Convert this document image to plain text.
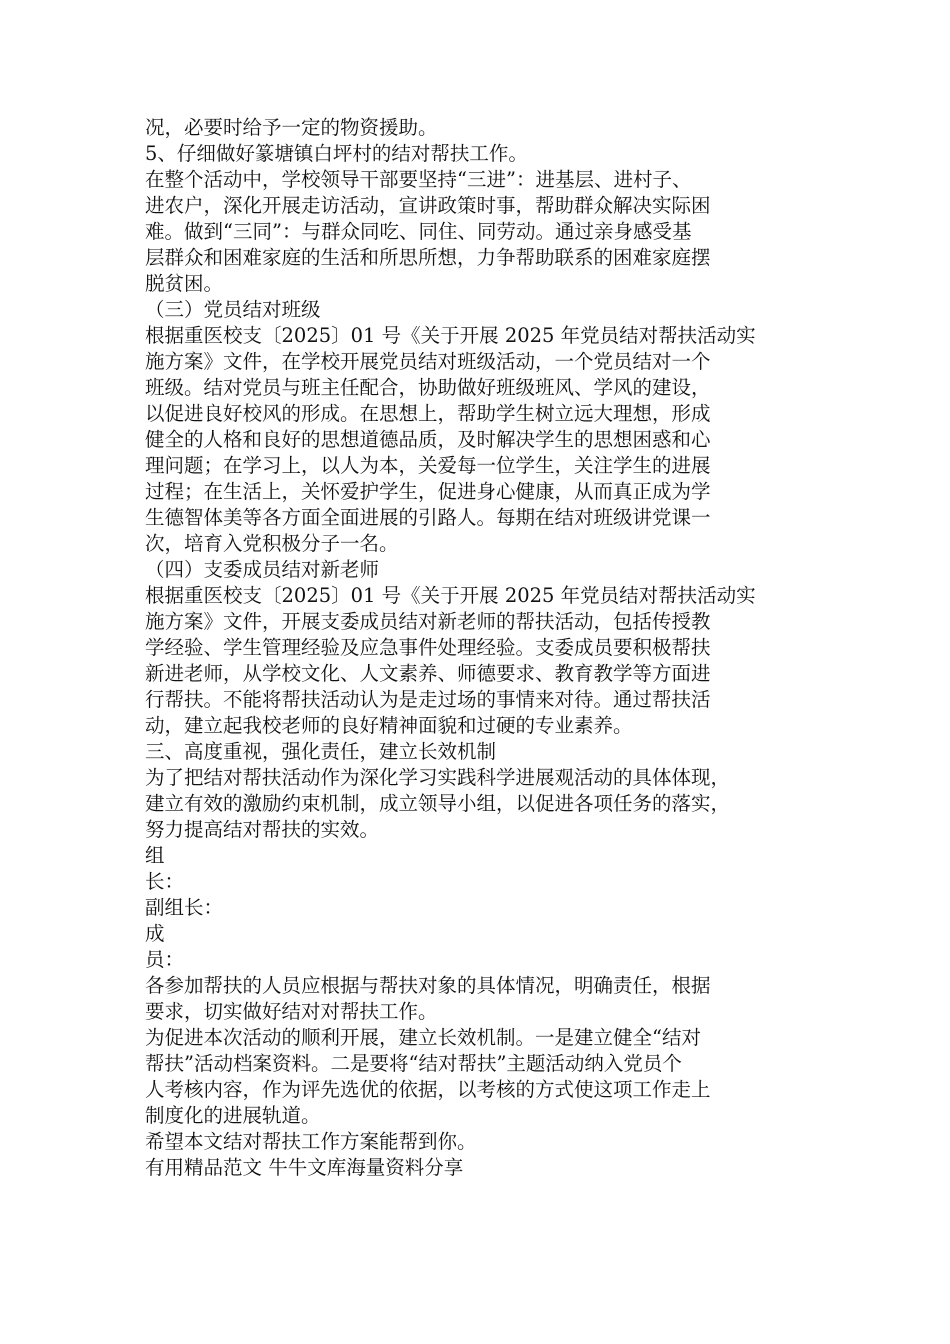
况，必要时给予一定的物资援助。
5、仔细做好篆塘镇白坪村的结对帮扶工作。
在整个活动中，学校领导干部要坚持“三进”：进基层、进村子、
进农户，深化开展走访活动，宣讲政策时事，帮助群众解决实际困
难。做到“三同”：与群众同吃、同住、同劳动。通过亲身感受基
层群众和困难家庭的生活和所思所想，力争帮助联系的困难家庭摆
脱贫困。
（三）党员结对班级
根据重医校支〔2025〕01 号《关于开展 2025 年党员结对帮扶活动实
施方案》文件，在学校开展党员结对班级活动，一个党员结对一个
班级。结对党员与班主任配合，协助做好班级班风、学风的建设，
以促进良好校风的形成。在思想上，帮助学生树立远大理想，形成
健全的人格和良好的思想道德品质，及时解决学生的思想困惑和心
理问题；在学习上，以人为本，关爱每一位学生，关注学生的进展
过程；在生活上，关怀爱护学生，促进身心健康，从而真正成为学
生德智体美等各方面全面进展的引路人。每期在结对班级讲党课一
次，培育入党积极分子一名。
（四）支委成员结对新老师
根据重医校支〔2025〕01 号《关于开展 2025 年党员结对帮扶活动实
施方案》文件，开展支委成员结对新老师的帮扶活动，包括传授教
学经验、学生管理经验及应急事件处理经验。支委成员要积极帮扶
新进老师，从学校文化、人文素养、师德要求、教育教学等方面进
行帮扶。不能将帮扶活动认为是走过场的事情来对待。通过帮扶活
动，建立起我校老师的良好精神面貌和过硬的专业素养。
三、高度重视，强化责任，建立长效机制
为了把结对帮扶活动作为深化学习实践科学进展观活动的具体体现，
建立有效的激励约束机制，成立领导小组，以促进各项任务的落实，
努力提高结对帮扶的实效。
组
长：
副组长：
成
员：
各参加帮扶的人员应根据与帮扶对象的具体情况，明确责任，根据
要求，切实做好结对对帮扶工作。
为促进本次活动的顺利开展，建立长效机制。一是建立健全“结对
帮扶”活动档案资料。二是要将“结对帮扶”主题活动纳入党员个
人考核内容，作为评先选优的依据，以考核的方式使这项工作走上
制度化的进展轨道。
希望本文结对帮扶工作方案能帮到你。
有用精品范文 牛牛文库海量资料分享
